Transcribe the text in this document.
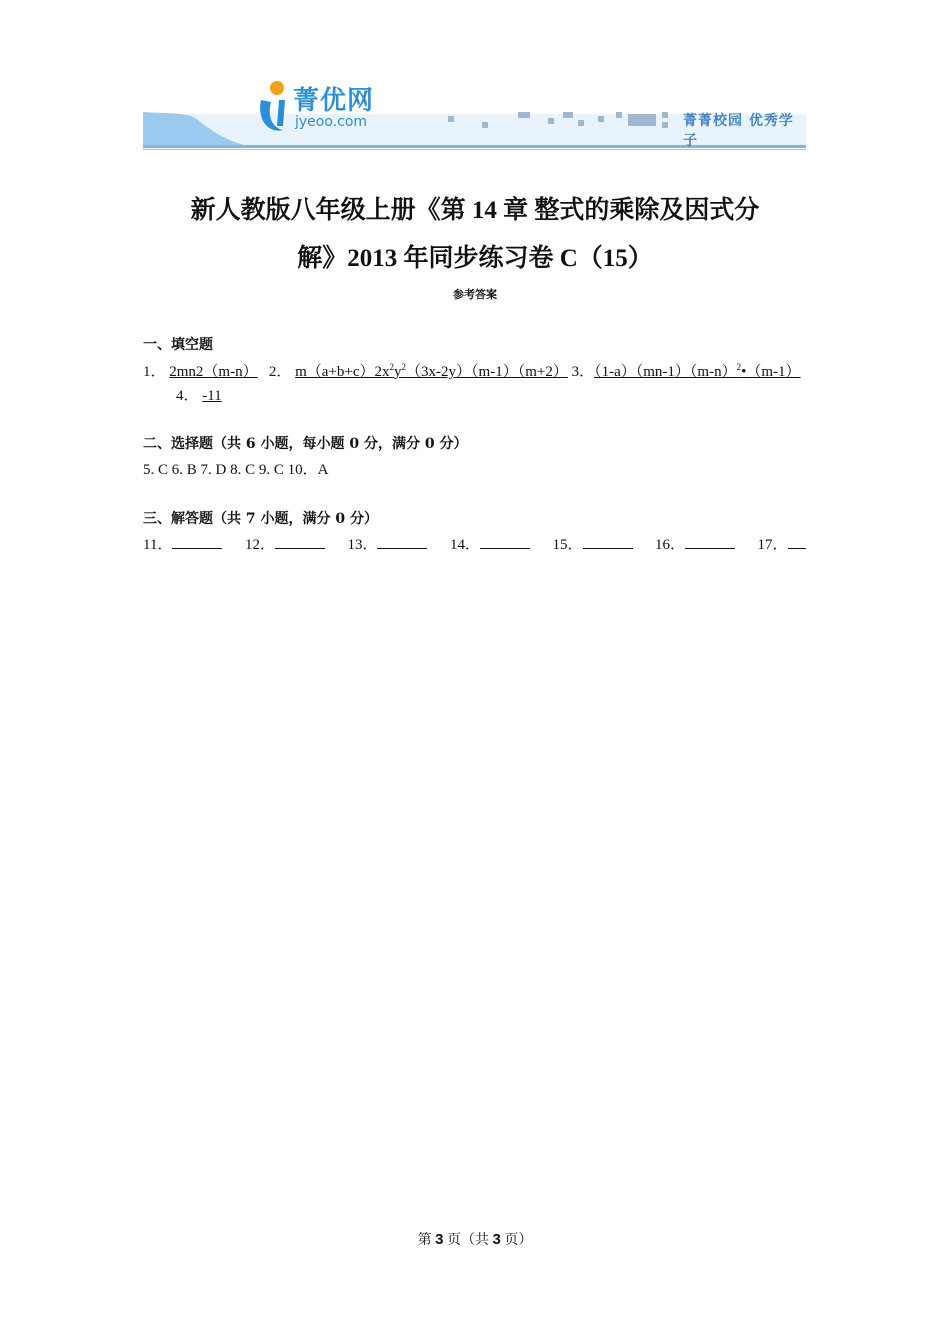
菁优网
jyeoo.com	菁菁校园 优秀学子
新人教版八年级上册《第 14 章 整式的乘除及因式分
解》2013 年同步练习卷 C（15）
参考答案
一、填空题
1． 2mn2（m-n） 2． $m(a+b+c)2x^2y^2(3x-2y)(m-1)(m+2)$ 3．$(1-a)(mn-1)(m-n)^2•(m-1)$
4． -11
二、选择题（共 6 小题，每小题 0 分，满分 0 分）
5. C 6. B 7. D 8. C 9. C 10．A
三、解答题（共 7 小题，满分 0 分）
11．	12．	13．	14．	15．	16．	17．
第 3 页（共 3 页）
